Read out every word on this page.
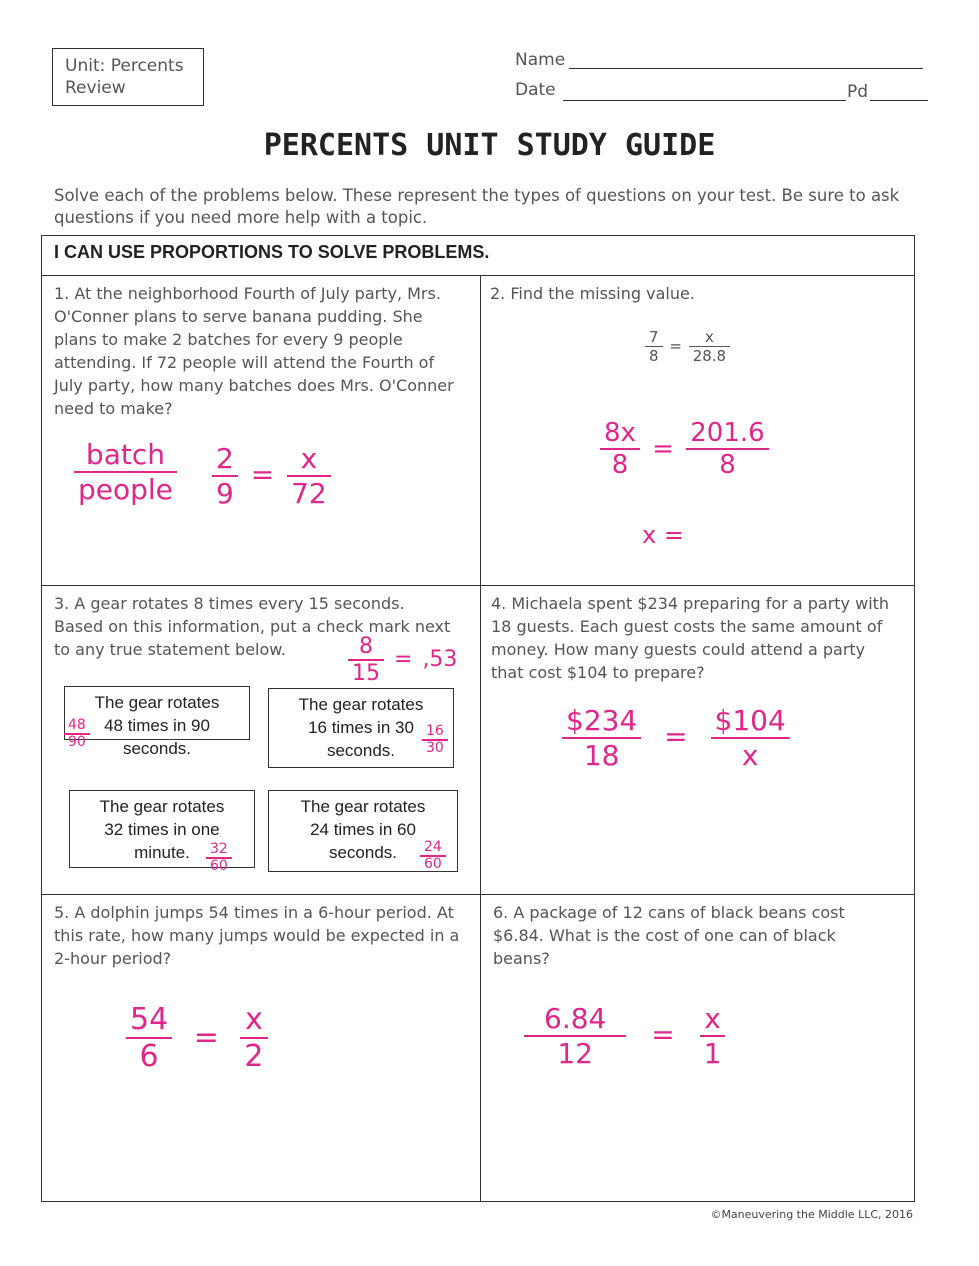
Unit: Percents
Review
Name
Date	Pd
PERCENTS UNIT STUDY GUIDE
Solve each of the problems below. These represent the types of questions on your test. Be sure to ask questions if you need more help with a topic.
I CAN USE PROPORTIONS TO SOLVE PROBLEMS.
1. At the neighborhood Fourth of July party, Mrs. O'Conner plans to serve banana pudding. She plans to make 2 batches for every 9 people attending. If 72 people will attend the Fourth of July party, how many batches does Mrs. O'Conner need to make?
$\frac{\text{batch}}{\text{people}} \frac{2}{9} = \frac{x}{72}$
2. Find the missing value.
$\frac{7}{8} = \frac{x}{28.8}$
$\frac{8x}{8} = \frac{201.6}{8}$
x =
3. A gear rotates 8 times every 15 seconds. Based on this information, put a check mark next to any true statement below.	$\frac{8}{15} = ,53$
The gear rotates
48 times in 90
seconds.
$\frac{48}{90}$
The gear rotates
16 times in 30
seconds.	$\frac{16}{30}$
The gear rotates
32 times in one
minute.	$\frac{32}{60}$
The gear rotates
24 times in 60
seconds.	$\frac{24}{60}$
4. Michaela spent $234 preparing for a party with 18 guests. Each guest costs the same amount of money. How many guests could attend a party that cost $104 to prepare?
$\frac{\$234}{18} = \frac{\$104}{x}$
5. A dolphin jumps 54 times in a 6-hour period. At this rate, how many jumps would be expected in a 2-hour period?
$\frac{54}{6} = \frac{x}{2}$
6. A package of 12 cans of black beans cost $6.84. What is the cost of one can of black beans?
$\frac{6.84}{12} = \frac{x}{1}$
©Maneuvering the Middle LLC, 2016
